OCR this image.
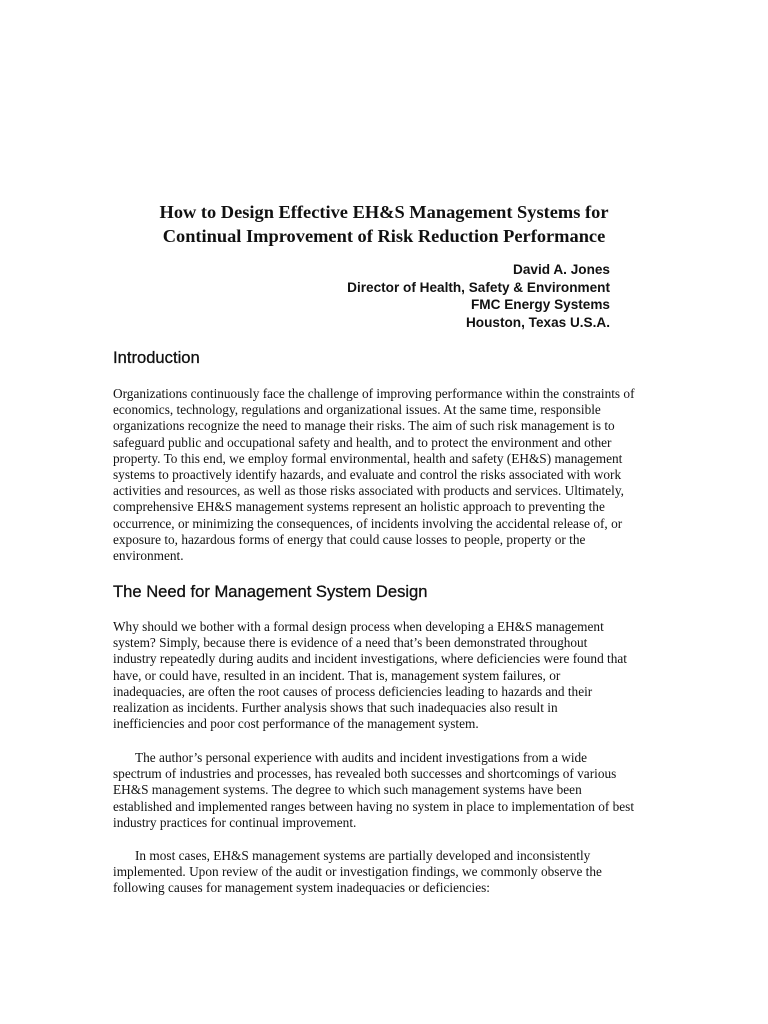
How to Design Effective EH&S Management Systems for
Continual Improvement of Risk Reduction Performance
David A. Jones
Director of Health, Safety & Environment
FMC Energy Systems
Houston, Texas U.S.A.
Introduction
Organizations continuously face the challenge of improving performance within the constraints of
economics, technology, regulations and organizational issues. At the same time, responsible
organizations recognize the need to manage their risks. The aim of such risk management is to
safeguard public and occupational safety and health, and to protect the environment and other
property. To this end, we employ formal environmental, health and safety (EH&S) management
systems to proactively identify hazards, and evaluate and control the risks associated with work
activities and resources, as well as those risks associated with products and services. Ultimately,
comprehensive EH&S management systems represent an holistic approach to preventing the
occurrence, or minimizing the consequences, of incidents involving the accidental release of, or
exposure to, hazardous forms of energy that could cause losses to people, property or the
environment.
The Need for Management System Design
Why should we bother with a formal design process when developing a EH&S management
system? Simply, because there is evidence of a need that’s been demonstrated throughout
industry repeatedly during audits and incident investigations, where deficiencies were found that
have, or could have, resulted in an incident. That is, management system failures, or
inadequacies, are often the root causes of process deficiencies leading to hazards and their
realization as incidents. Further analysis shows that such inadequacies also result in
inefficiencies and poor cost performance of the management system.
The author’s personal experience with audits and incident investigations from a wide
spectrum of industries and processes, has revealed both successes and shortcomings of various
EH&S management systems. The degree to which such management systems have been
established and implemented ranges between having no system in place to implementation of best
industry practices for continual improvement.
In most cases, EH&S management systems are partially developed and inconsistently
implemented. Upon review of the audit or investigation findings, we commonly observe the
following causes for management system inadequacies or deficiencies:
